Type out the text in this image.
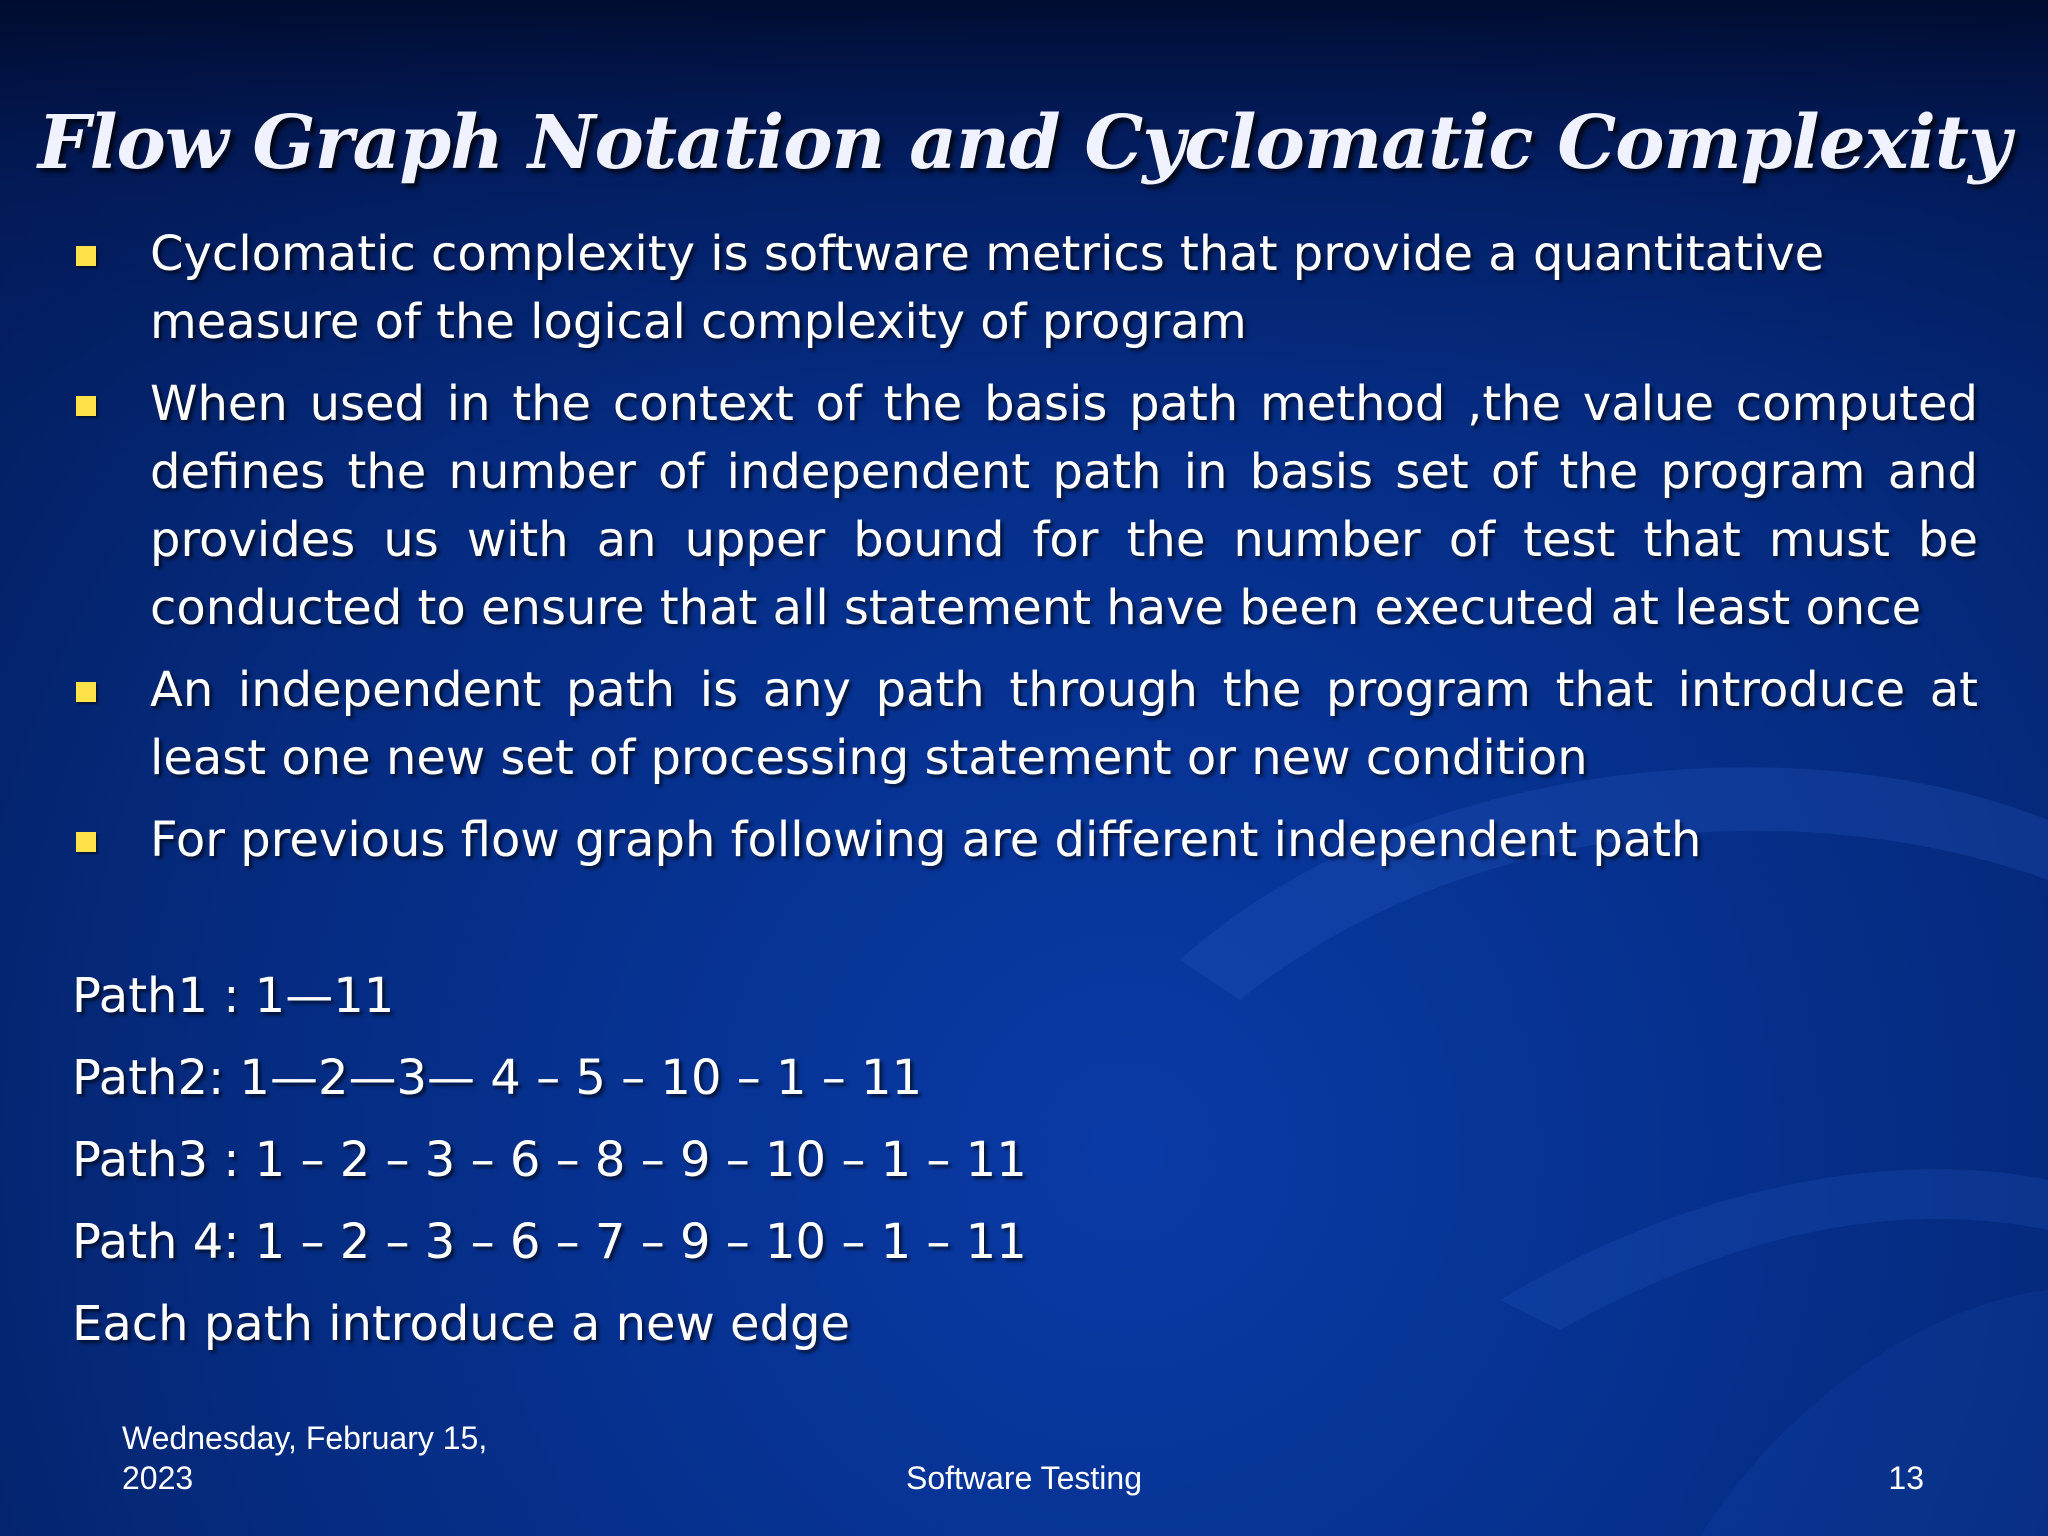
Flow Graph Notation and Cyclomatic Complexity
Cyclomatic complexity is software metrics that provide a quantitative measure of the logical complexity of program
When used in the context of the basis path method ,the value computed defines the number of independent path in basis set of the program and provides us with an upper bound for the number of test that must be conducted to ensure that all statement have been executed at least once
An independent path is any path through the program that introduce at least one new set of processing statement or new condition
For previous flow graph following are different independent path
Path1 : 1—11
Path2: 1—2—3— 4 – 5 – 10 – 1 – 11
Path3 : 1 – 2 – 3 – 6 – 8 – 9 – 10 – 1 – 11
Path 4: 1 – 2 – 3 – 6 – 7 – 9 – 10 – 1 – 11
Each path introduce a new edge
Wednesday, February 15, 2023	Software Testing	13
